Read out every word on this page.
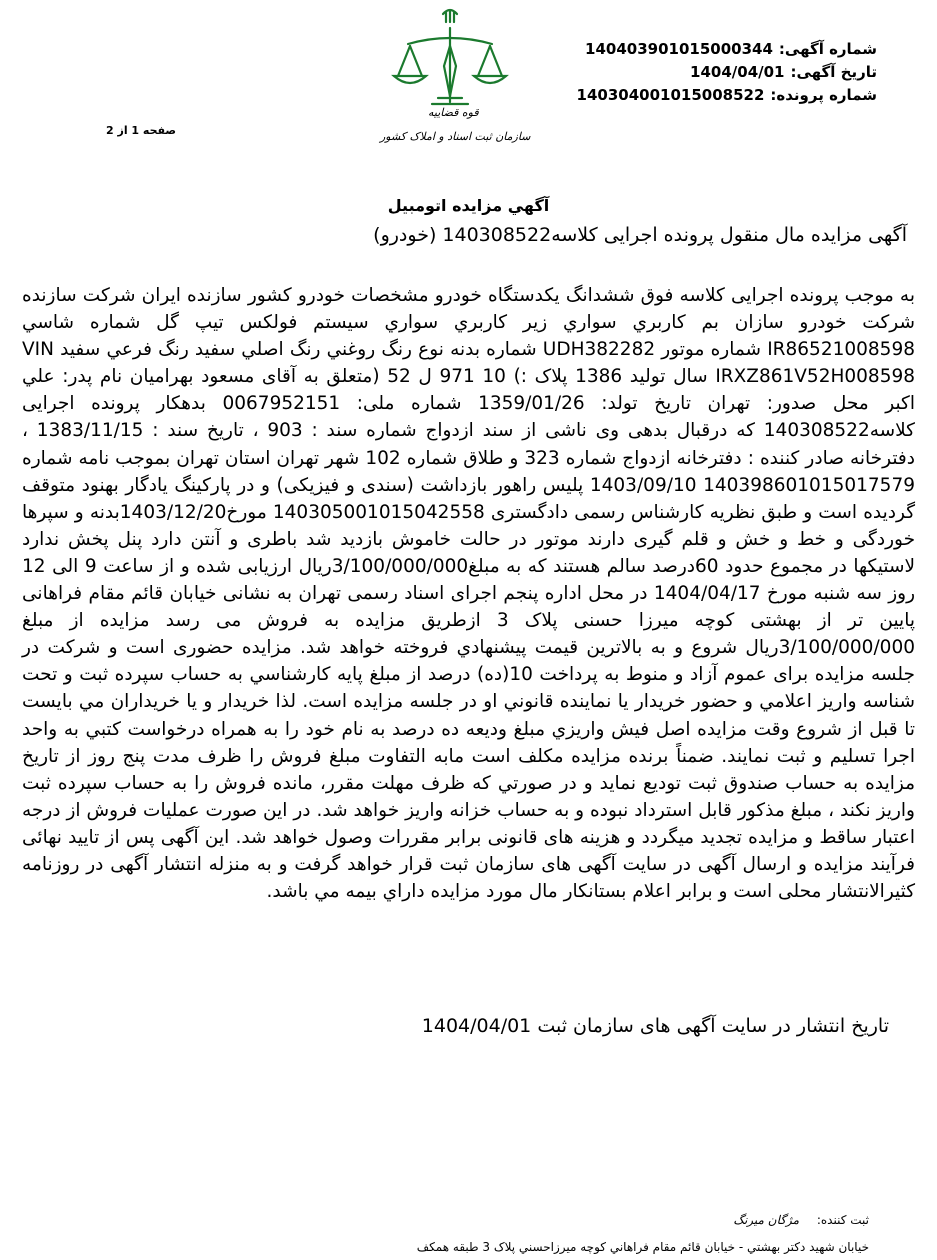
شماره آگهی:140403901015000344
تاریخ آگهی:1404/04/01
شماره پرونده:140304001015008522
قوه قضاییه
سازمان ثبت اسناد و املاک کشور
صفحه 1 از 2
آگهي مزايده اتومبيل
آگهی مزایده مال منقول پرونده اجرایی کلاسه140308522 (خودرو)
به موجب پرونده اجرایی کلاسه فوق ششدانگ یکدستگاه خودرو مشخصات خودرو کشور سازنده ایران شرکت سازنده شرکت خودرو سازان بم کاربري سواري زير کاربري سواري سيستم فولکس تيپ گل شماره شاسي IR86521008598 شماره موتور UDH382282 شماره بدنه نوع رنگ روغني رنگ اصلي سفيد رنگ فرعي سفيد VIN IRXZ861V52H008598 سال توليد 1386 پلاک :) 10 971 ل 52 (متعلق به آقای مسعود بهرامیان نام پدر: علي اکبر محل صدور: تهران تاریخ تولد: 1359/01/26 شماره ملی: 0067952151 بدهکار پرونده اجرایی کلاسه140308522 که درقبال بدهی وی ناشی از سند ازدواج شماره سند : 903 ، تاریخ سند : 1383/11/15 ، دفترخانه صادر کننده : دفترخانه ازدواج شماره 323 و طلاق شماره 102 شهر تهران استان تهران بموجب نامه شماره 140398601015017579 1403/09/10 پلیس راهور بازداشت (سندی و فیزیکی) و در پارکینگ یادگار بهنود متوقف گردیده است و طبق نظریه کارشناس رسمی دادگستری 140305001015042558 مورخ1403/12/20بدنه و سپرها خوردگی و خط و خش و قلم گیری دارند موتور در حالت خاموش بازدید شد باطری و آنتن دارد پنل پخش ندارد لاستیکها در مجموع حدود 60درصد سالم هستند که به مبلغ3/100/000/000ریال ارزیابی شده و از ساعت 9 الی 12 روز سه شنبه مورخ 1404/04/17 در محل اداره پنجم اجرای اسناد رسمی تهران به نشانی خیابان قائم مقام فراهانی پایین تر از بهشتی کوچه میرزا حسنی پلاک 3 ازطریق مزایده به فروش می رسد مزایده از مبلغ 3/100/000/000ریال شروع و به بالاترين قيمت پيشنهادي فروخته خواهد شد. مزايده حضوری است و شرکت در جلسه مزايده برای عموم آزاد و منوط به پرداخت 10(ده) درصد از مبلغ پايه کارشناسي به حساب سپرده ثبت و تحت شناسه واريز اعلامي و حضور خريدار يا نماينده قانوني او در جلسه مزايده است. لذا خريدار و يا خريداران مي بايست تا قبل از شروع وقت مزايده اصل فيش واريزي مبلغ وديعه ده درصد به نام خود را به همراه درخواست کتبي به واحد اجرا تسليم و ثبت نمايند. ضمناً برنده مزايده مکلف است مابه التفاوت مبلغ فروش را ظرف مدت پنج روز از تاريخ مزايده به حساب صندوق ثبت توديع نمايد و در صورتي که ظرف مهلت مقرر، مانده فروش را به حساب سپرده ثبت واريز نکند ، مبلغ مذکور قابل استرداد نبوده و به حساب خزانه واريز خواهد شد. در این صورت عملیات فروش از درجه اعتبار ساقط و مزایده تجدید میگردد و هزینه های قانونی برابر مقررات وصول خواهد شد. این آگهی پس از تایید نهائی فرآیند مزایده و ارسال آگهی در سایت آگهی های سازمان ثبت قرار خواهد گرفت و به منزله انتشار آگهی در روزنامه کثيرالانتشار محلی است و برابر اعلام بستانکار مال مورد مزايده داراي بيمه مي باشد.
تاریخ انتشار در سایت آگهی های سازمان ثبت 1404/04/01
ثبت کننده: مژگان میرنگ
خيابان شهيد دکتر بهشتي - خيابان قائم مقام فراهاني کوچه ميرزاحسني پلاک 3 طبقه همکف
